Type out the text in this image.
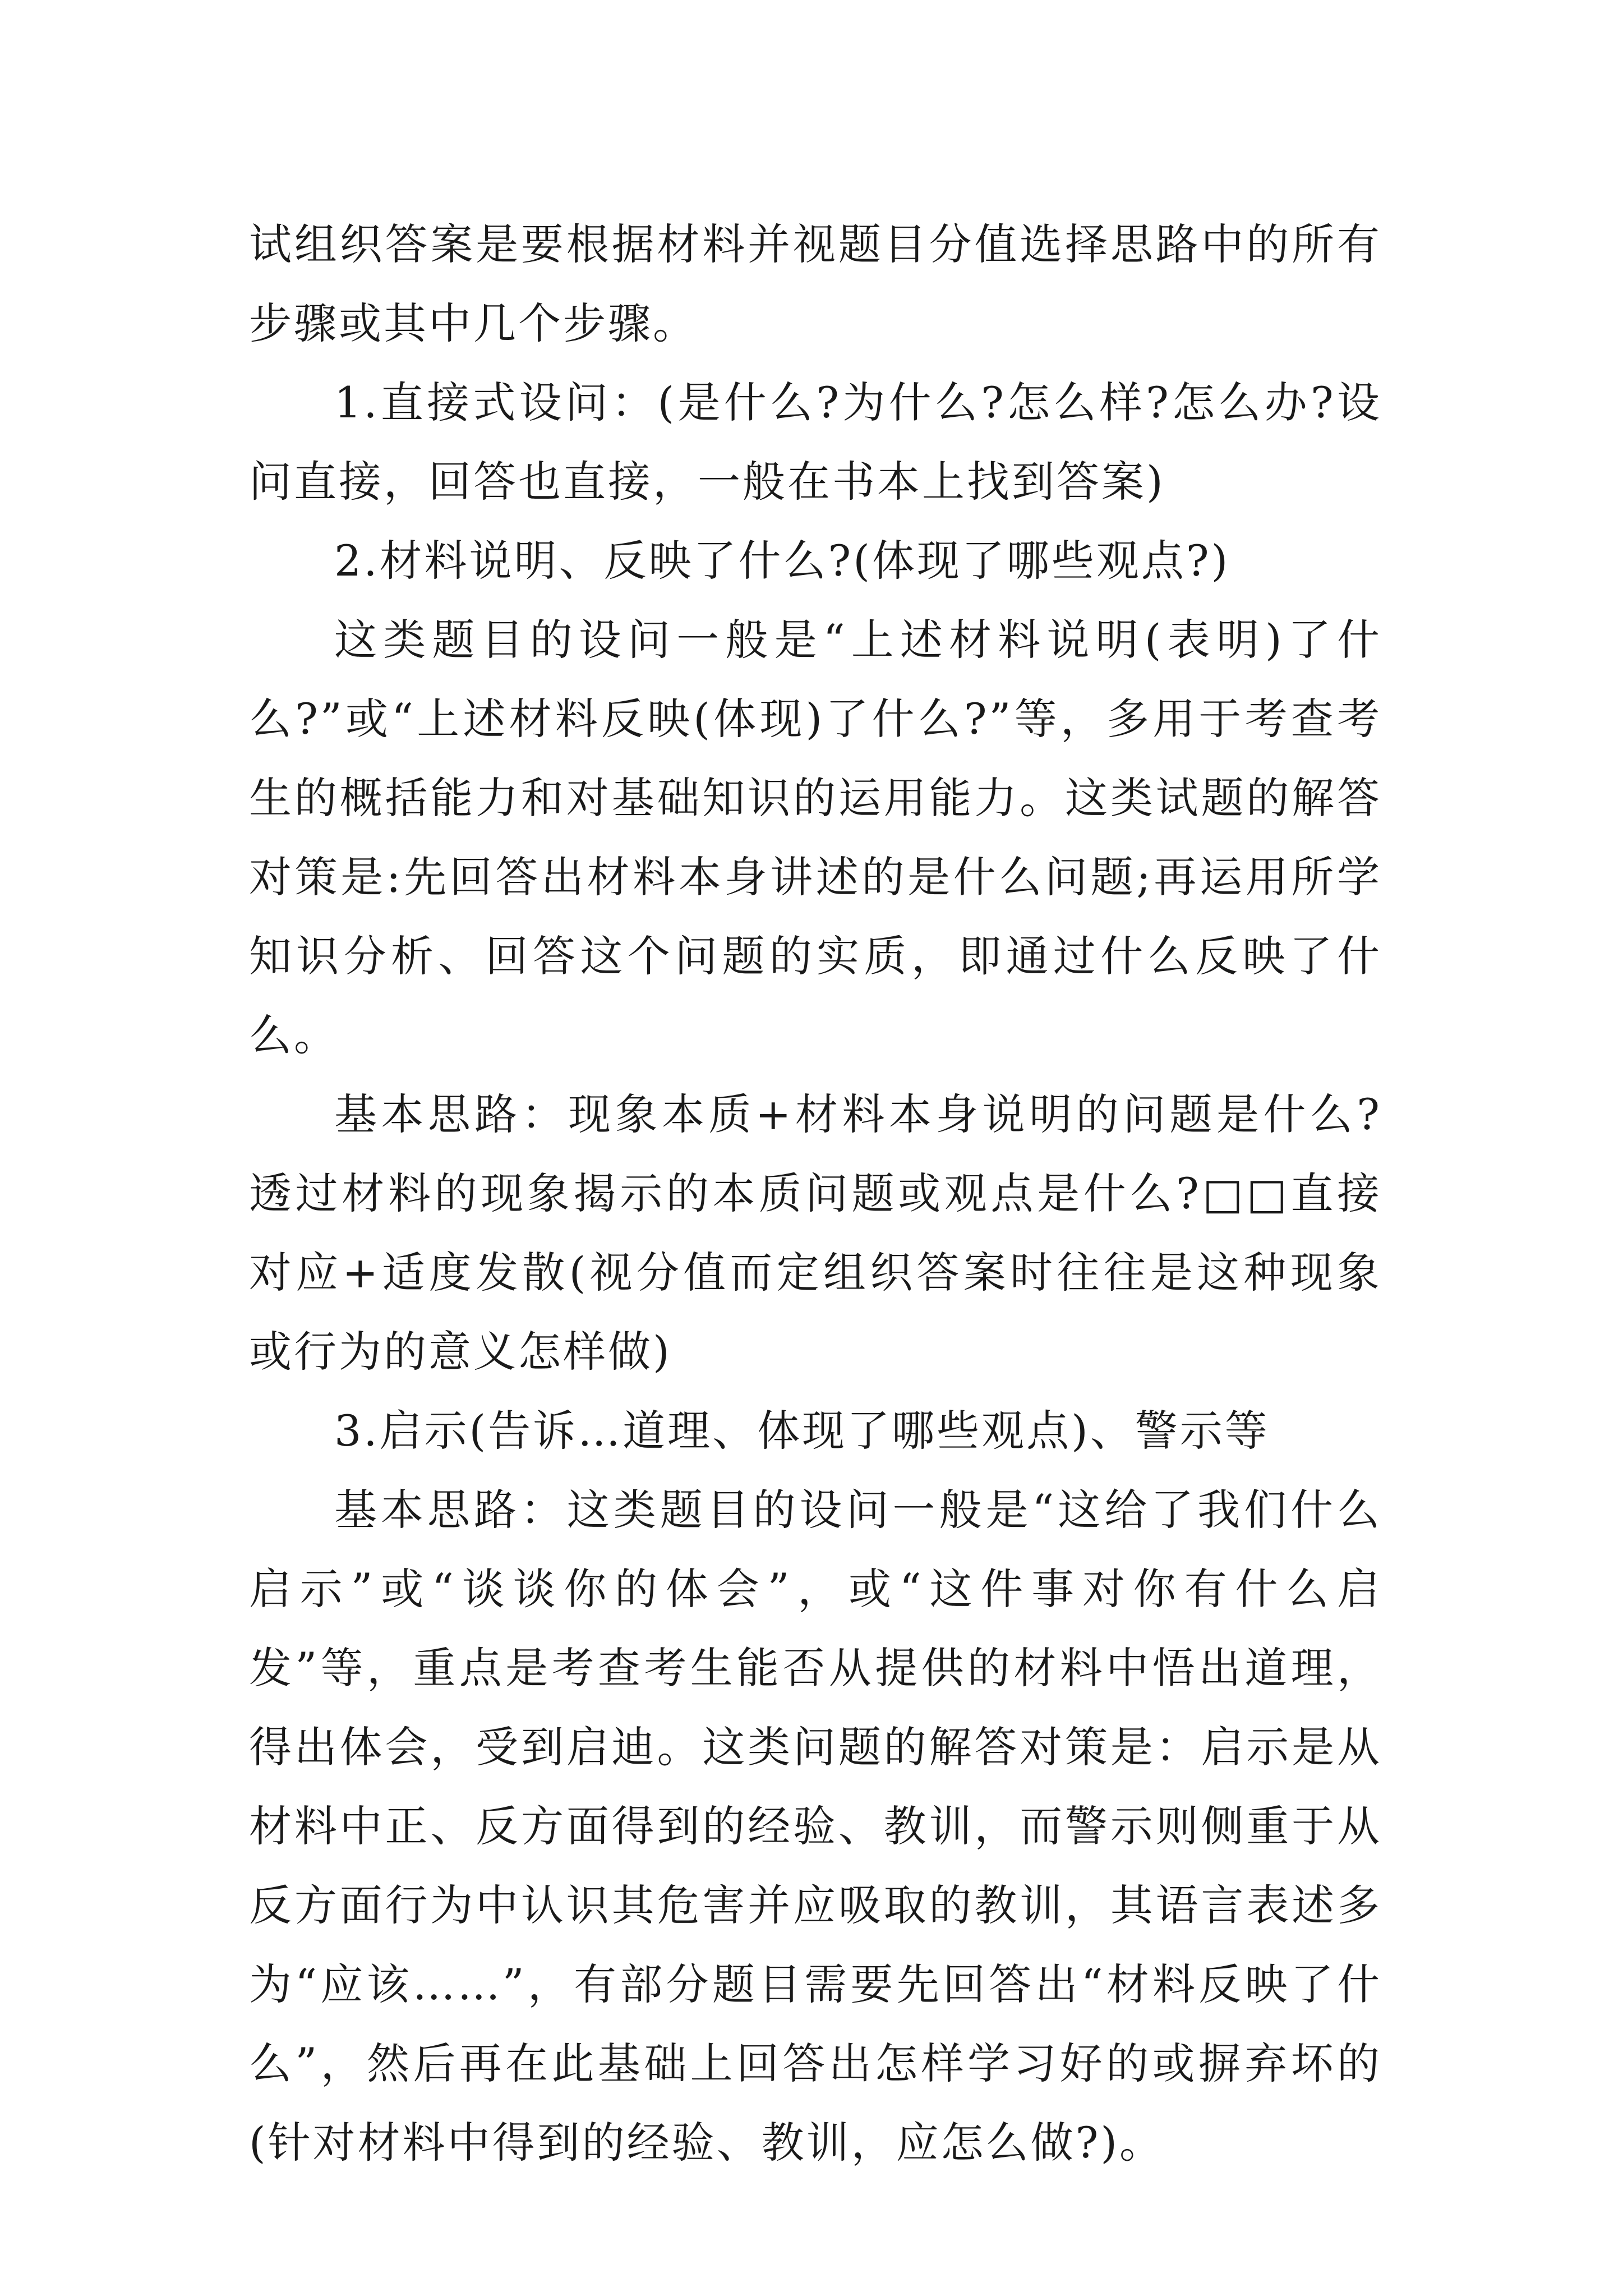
试组织答案是要根据材料并视题目分值选择思路中的所有步骤或其中几个步骤。

1.直接式设问：(是什么?为什么?怎么样?怎么办?设问直接，回答也直接，一般在书本上找到答案)

2.材料说明、反映了什么?(体现了哪些观点?)

这类题目的设问一般是“上述材料说明(表明)了什么?”或“上述材料反映(体现)了什么?”等，多用于考查考生的概括能力和对基础知识的运用能力。这类试题的解答对策是:先回答出材料本身讲述的是什么问题;再运用所学知识分析、回答这个问题的实质，即通过什么反映了什么。

基本思路：现象本质+材料本身说明的问题是什么?透过材料的现象揭示的本质问题或观点是什么?□□直接对应+适度发散(视分值而定组织答案时往往是这种现象或行为的意义怎样做)

3.启示(告诉…道理、体现了哪些观点)、警示等

基本思路：这类题目的设问一般是“这给了我们什么启示”或“谈谈你的体会”，或“这件事对你有什么启发”等，重点是考查考生能否从提供的材料中悟出道理，得出体会，受到启迪。这类问题的解答对策是：启示是从材料中正、反方面得到的经验、教训，而警示则侧重于从反方面行为中认识其危害并应吸取的教训，其语言表述多为“应该……”，有部分题目需要先回答出“材料反映了什么”，然后再在此基础上回答出怎样学习好的或摒弃坏的(针对材料中得到的经验、教训，应怎么做?)。
